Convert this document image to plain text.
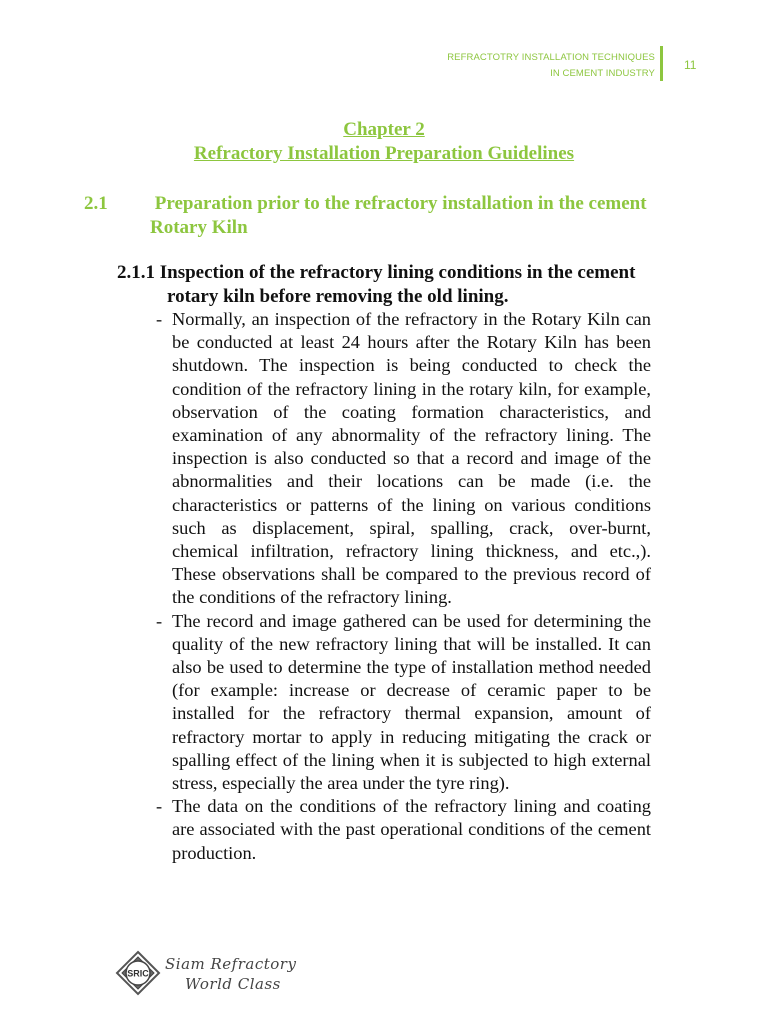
REFRACTOTRY INSTALLATION TECHNIQUES
IN CEMENT INDUSTRY
11
Chapter 2
Refractory Installation Preparation Guidelines
2.1 Preparation prior to the refractory installation in the cement Rotary Kiln
2.1.1 Inspection of the refractory lining conditions in the cement rotary kiln before removing the old lining.
- Normally, an inspection of the refractory in the Rotary Kiln can be conducted at least 24 hours after the Rotary Kiln has been shutdown. The inspection is being conducted to check the condition of the refractory lining in the rotary kiln, for example, observation of the coating formation characteristics, and examination of any abnormality of the refractory lining. The inspection is also conducted so that a record and image of the abnormalities and their locations can be made (i.e. the characteristics or patterns of the lining on various conditions such as displacement, spiral, spalling, crack, over-burnt, chemical infiltration, refractory lining thickness, and etc.,). These observations shall be compared to the previous record of the conditions of the refractory lining.
- The record and image gathered can be used for determining the quality of the new refractory lining that will be installed. It can also be used to determine the type of installation method needed (for example: increase or decrease of ceramic paper to be installed for the refractory thermal expansion, amount of refractory mortar to apply in reducing mitigating the crack or spalling effect of the lining when it is subjected to high external stress, especially the area under the tyre ring).
- The data on the conditions of the refractory lining and coating are associated with the past operational conditions of the cement production.
SRIC
Siam Refractory
World Class
